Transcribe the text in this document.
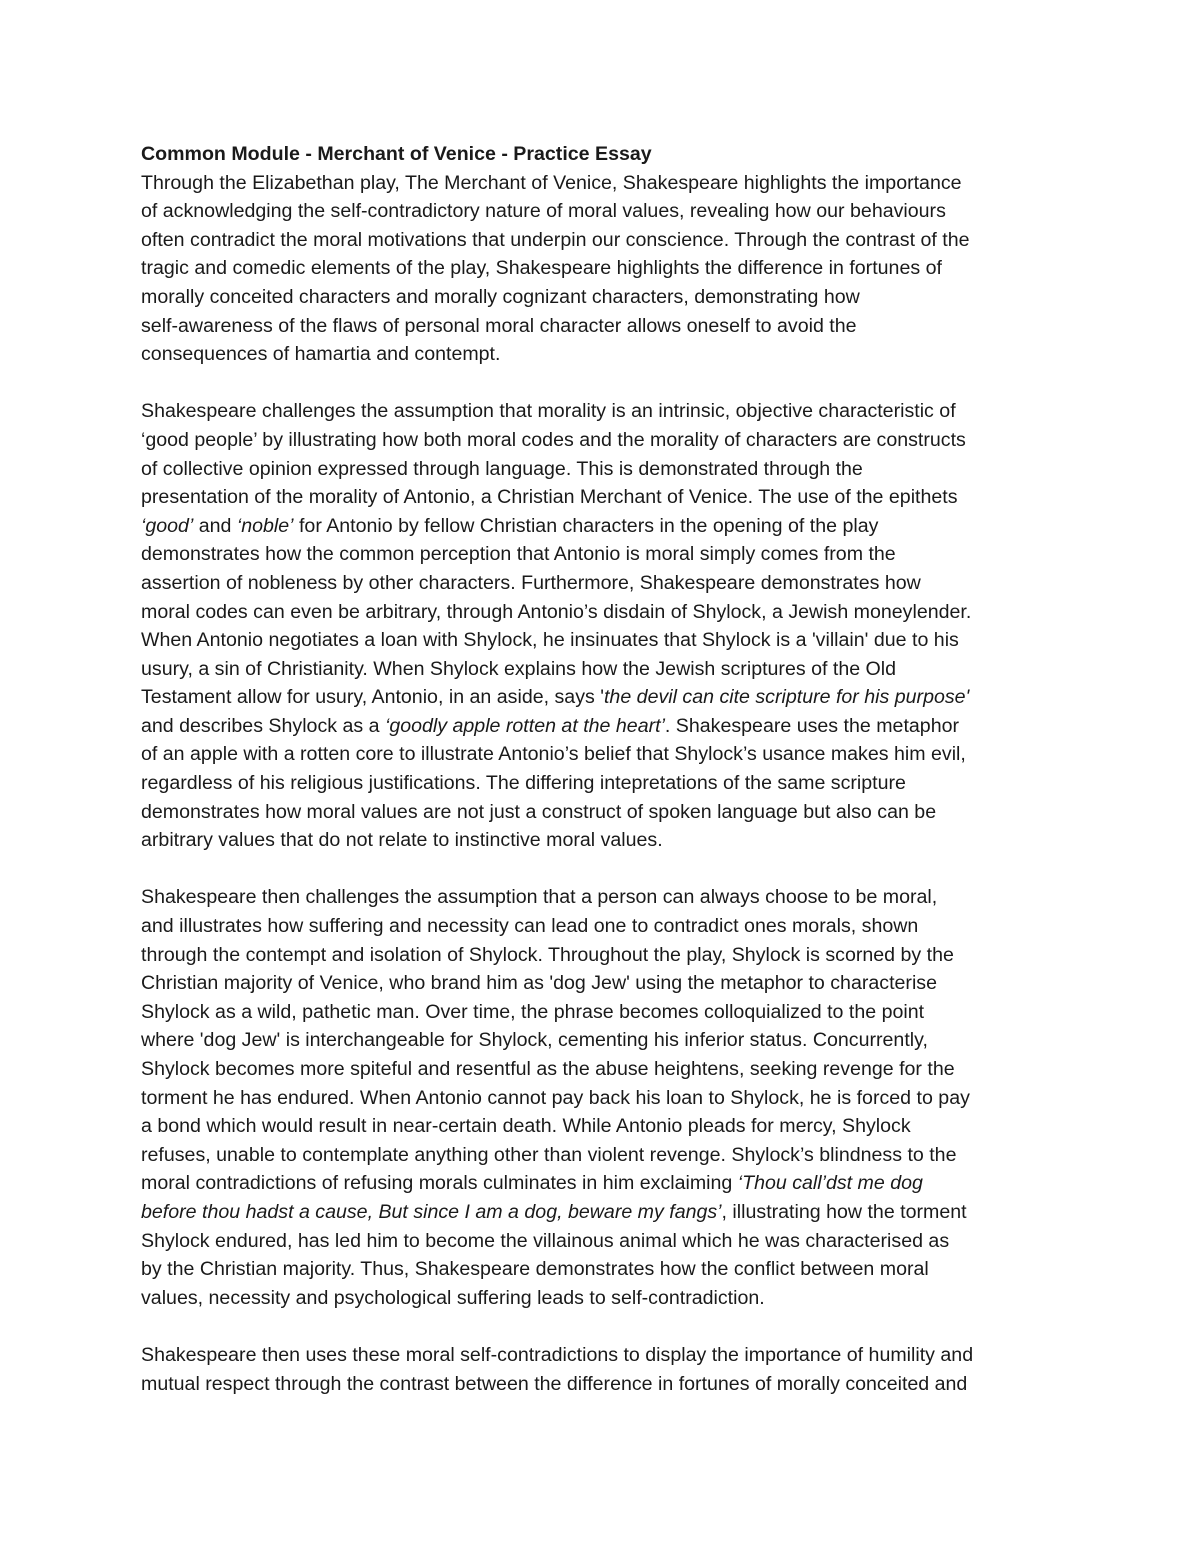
Common Module - Merchant of Venice - Practice Essay
Through the Elizabethan play, The Merchant of Venice, Shakespeare highlights the importance
of acknowledging the self-contradictory nature of moral values, revealing how our behaviours
often contradict the moral motivations that underpin our conscience. Through the contrast of the
tragic and comedic elements of the play, Shakespeare highlights the difference in fortunes of
morally conceited characters and morally cognizant characters, demonstrating how
self-awareness of the flaws of personal moral character allows oneself to avoid the
consequences of hamartia and contempt.
Shakespeare challenges the assumption that morality is an intrinsic, objective characteristic of
‘good people’ by illustrating how both moral codes and the morality of characters are constructs
of collective opinion expressed through language. This is demonstrated through the
presentation of the morality of Antonio, a Christian Merchant of Venice. The use of the epithets
‘good’ and ‘noble’ for Antonio by fellow Christian characters in the opening of the play
demonstrates how the common perception that Antonio is moral simply comes from the
assertion of nobleness by other characters. Furthermore, Shakespeare demonstrates how
moral codes can even be arbitrary, through Antonio’s disdain of Shylock, a Jewish moneylender.
When Antonio negotiates a loan with Shylock, he insinuates that Shylock is a 'villain' due to his
usury, a sin of Christianity. When Shylock explains how the Jewish scriptures of the Old
Testament allow for usury, Antonio, in an aside, says 'the devil can cite scripture for his purpose'
and describes Shylock as a ‘goodly apple rotten at the heart’. Shakespeare uses the metaphor
of an apple with a rotten core to illustrate Antonio’s belief that Shylock’s usance makes him evil,
regardless of his religious justifications. The differing intepretations of the same scripture
demonstrates how moral values are not just a construct of spoken language but also can be
arbitrary values that do not relate to instinctive moral values.
Shakespeare then challenges the assumption that a person can always choose to be moral,
and illustrates how suffering and necessity can lead one to contradict ones morals, shown
through the contempt and isolation of Shylock. Throughout the play, Shylock is scorned by the
Christian majority of Venice, who brand him as 'dog Jew' using the metaphor to characterise
Shylock as a wild, pathetic man. Over time, the phrase becomes colloquialized to the point
where 'dog Jew' is interchangeable for Shylock, cementing his inferior status. Concurrently,
Shylock becomes more spiteful and resentful as the abuse heightens, seeking revenge for the
torment he has endured. When Antonio cannot pay back his loan to Shylock, he is forced to pay
a bond which would result in near-certain death. While Antonio pleads for mercy, Shylock
refuses, unable to contemplate anything other than violent revenge. Shylock’s blindness to the
moral contradictions of refusing morals culminates in him exclaiming ‘Thou call’dst me dog
before thou hadst a cause, But since I am a dog, beware my fangs’, illustrating how the torment
Shylock endured, has led him to become the villainous animal which he was characterised as
by the Christian majority. Thus, Shakespeare demonstrates how the conflict between moral
values, necessity and psychological suffering leads to self-contradiction.
Shakespeare then uses these moral self-contradictions to display the importance of humility and
mutual respect through the contrast between the difference in fortunes of morally conceited and
